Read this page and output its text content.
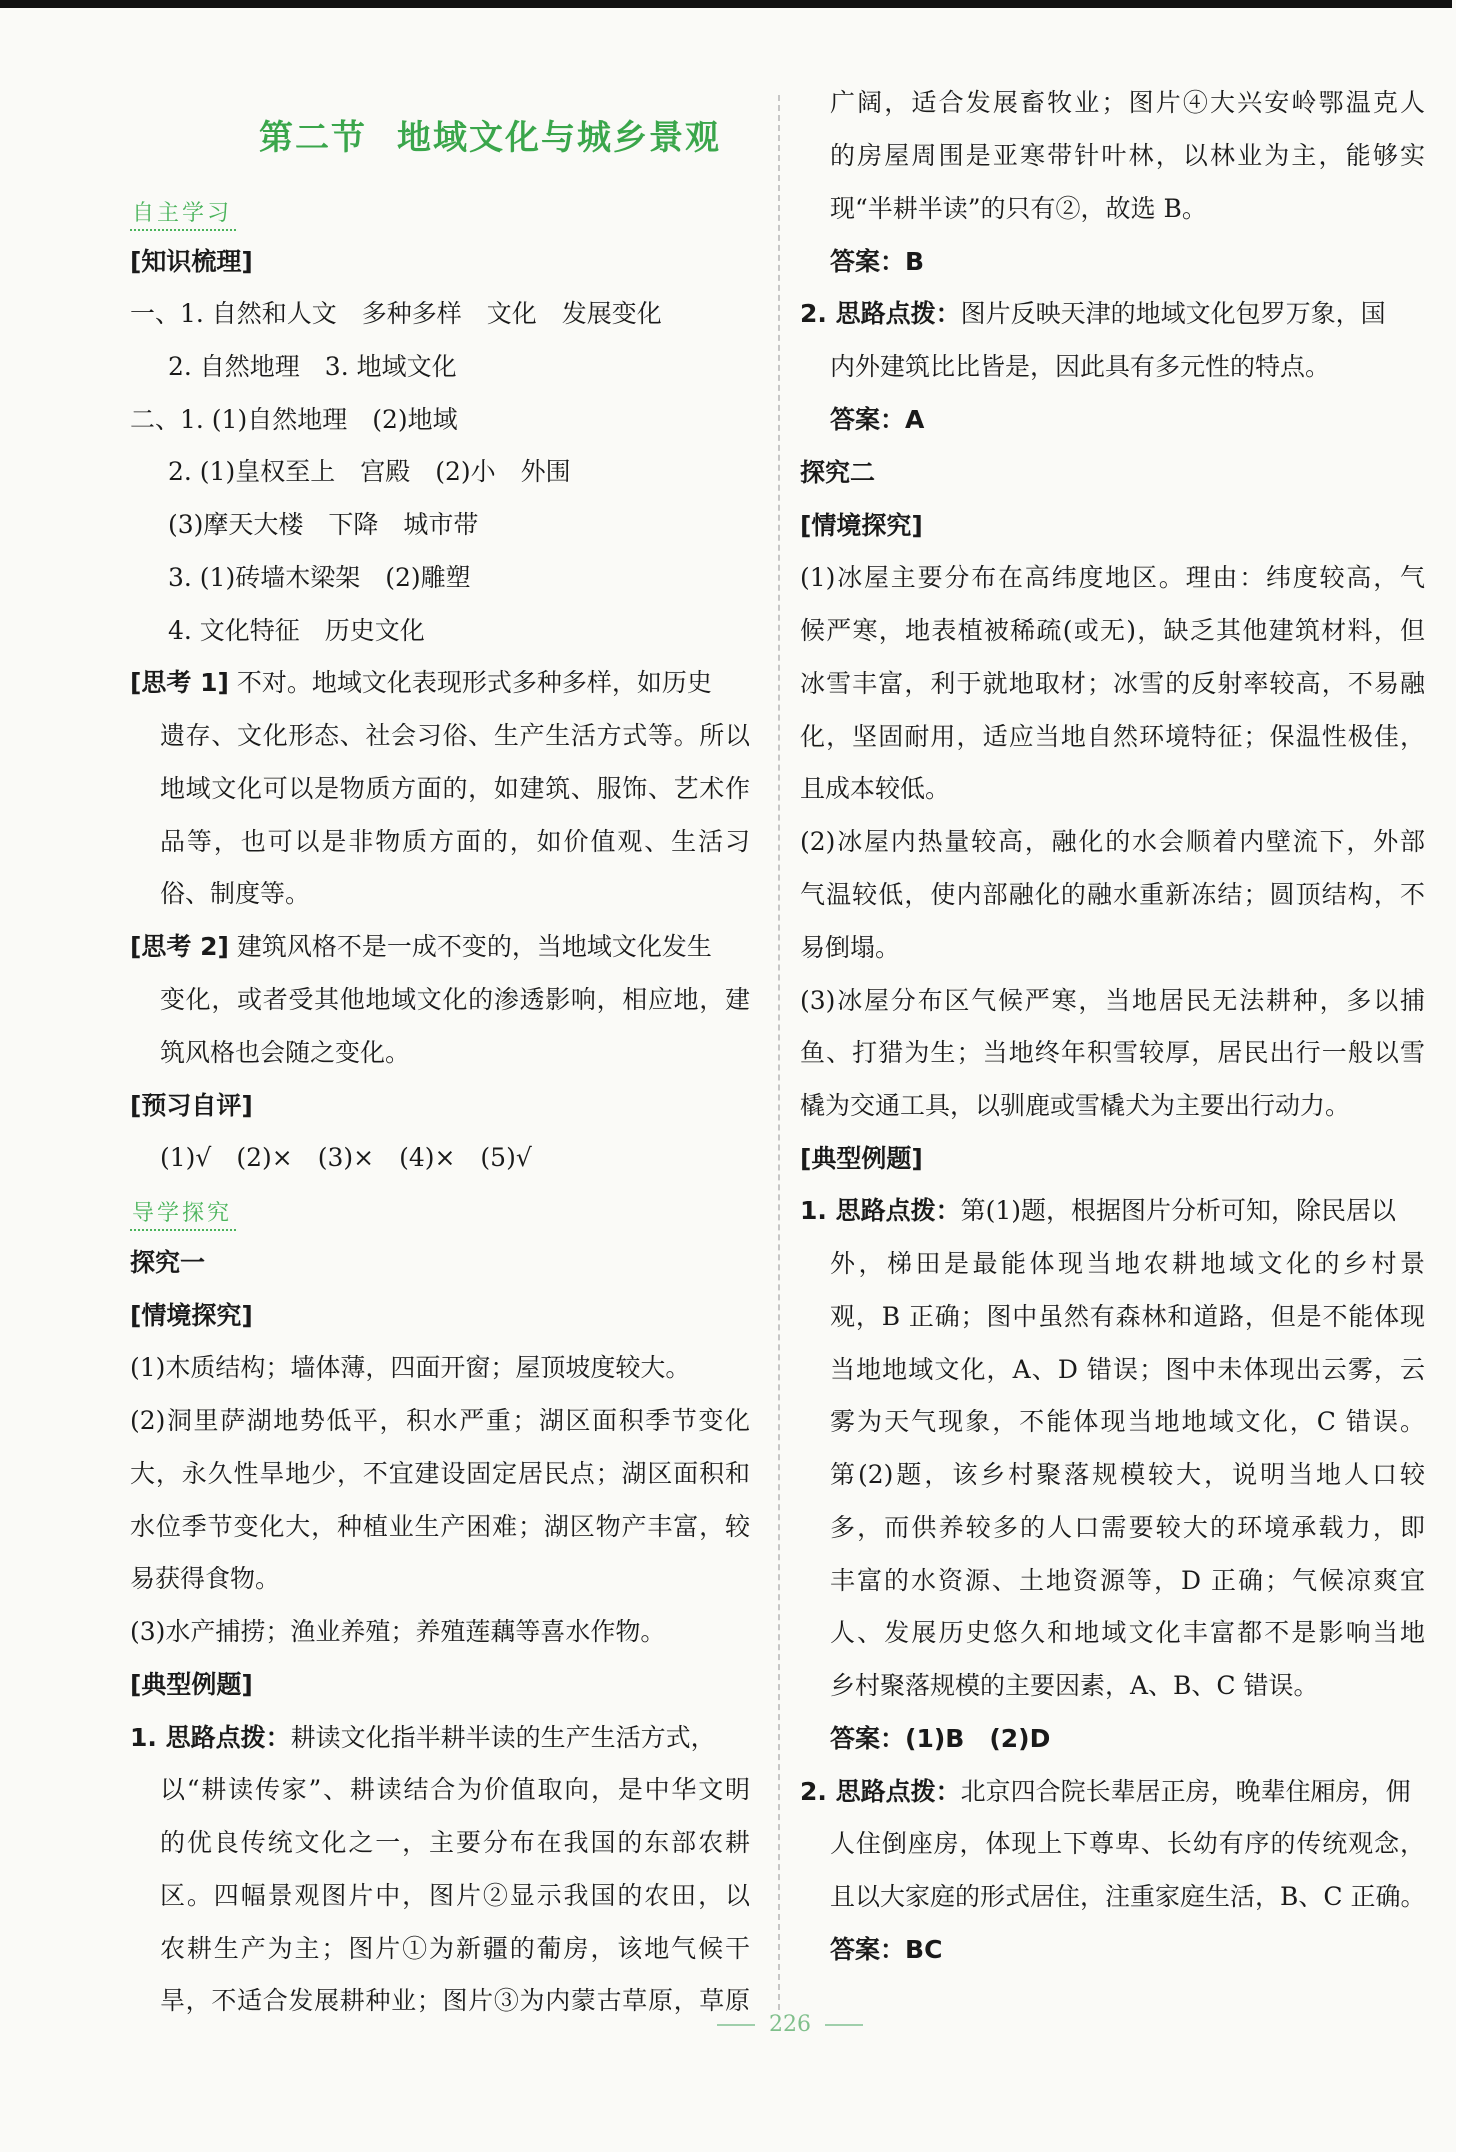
第二节 地域文化与城乡景观
自主学习
[知识梳理]
一、1. 自然和人文　多种多样　文化　发展变化
2. 自然地理　3. 地域文化
二、1. (1)自然地理　(2)地域
2. (1)皇权至上　宫殿　(2)小　外围
(3)摩天大楼　下降　城市带
3. (1)砖墙木梁架　(2)雕塑
4. 文化特征　历史文化
[思考 1] 不对。地域文化表现形式多种多样，如历史
遗存、文化形态、社会习俗、生产生活方式等。所以
地域文化可以是物质方面的，如建筑、服饰、艺术作
品等，也可以是非物质方面的，如价值观、生活习
俗、制度等。
[思考 2] 建筑风格不是一成不变的，当地域文化发生
变化，或者受其他地域文化的渗透影响，相应地，建
筑风格也会随之变化。
[预习自评]
(1)√　(2)×　(3)×　(4)×　(5)√
导学探究
探究一
[情境探究]
(1)木质结构；墙体薄，四面开窗；屋顶坡度较大。
(2)洞里萨湖地势低平，积水严重；湖区面积季节变化
大，永久性旱地少，不宜建设固定居民点；湖区面积和
水位季节变化大，种植业生产困难；湖区物产丰富，较
易获得食物。
(3)水产捕捞；渔业养殖；养殖莲藕等喜水作物。
[典型例题]
1. 思路点拨：耕读文化指半耕半读的生产生活方式，
以“耕读传家”、耕读结合为价值取向，是中华文明
的优良传统文化之一，主要分布在我国的东部农耕
区。四幅景观图片中，图片②显示我国的农田，以
农耕生产为主；图片①为新疆的葡房，该地气候干
旱，不适合发展耕种业；图片③为内蒙古草原，草原
广阔，适合发展畜牧业；图片④大兴安岭鄂温克人
的房屋周围是亚寒带针叶林，以林业为主，能够实
现“半耕半读”的只有②，故选 B。
答案：B
2. 思路点拨：图片反映天津的地域文化包罗万象，国
内外建筑比比皆是，因此具有多元性的特点。
答案：A
探究二
[情境探究]
(1)冰屋主要分布在高纬度地区。理由：纬度较高，气
候严寒，地表植被稀疏(或无)，缺乏其他建筑材料，但
冰雪丰富，利于就地取材；冰雪的反射率较高，不易融
化，坚固耐用，适应当地自然环境特征；保温性极佳，
且成本较低。
(2)冰屋内热量较高，融化的水会顺着内壁流下，外部
气温较低，使内部融化的融水重新冻结；圆顶结构，不
易倒塌。
(3)冰屋分布区气候严寒，当地居民无法耕种，多以捕
鱼、打猎为生；当地终年积雪较厚，居民出行一般以雪
橇为交通工具，以驯鹿或雪橇犬为主要出行动力。
[典型例题]
1. 思路点拨：第(1)题，根据图片分析可知，除民居以
外，梯田是最能体现当地农耕地域文化的乡村景
观，B 正确；图中虽然有森林和道路，但是不能体现
当地地域文化，A、D 错误；图中未体现出云雾，云
雾为天气现象，不能体现当地地域文化，C 错误。
第(2)题，该乡村聚落规模较大，说明当地人口较
多，而供养较多的人口需要较大的环境承载力，即
丰富的水资源、土地资源等，D 正确；气候凉爽宜
人、发展历史悠久和地域文化丰富都不是影响当地
乡村聚落规模的主要因素，A、B、C 错误。
答案：(1)B　(2)D
2. 思路点拨：北京四合院长辈居正房，晚辈住厢房，佣
人住倒座房，体现上下尊卑、长幼有序的传统观念，
且以大家庭的形式居住，注重家庭生活，B、C 正确。
答案：BC
226
